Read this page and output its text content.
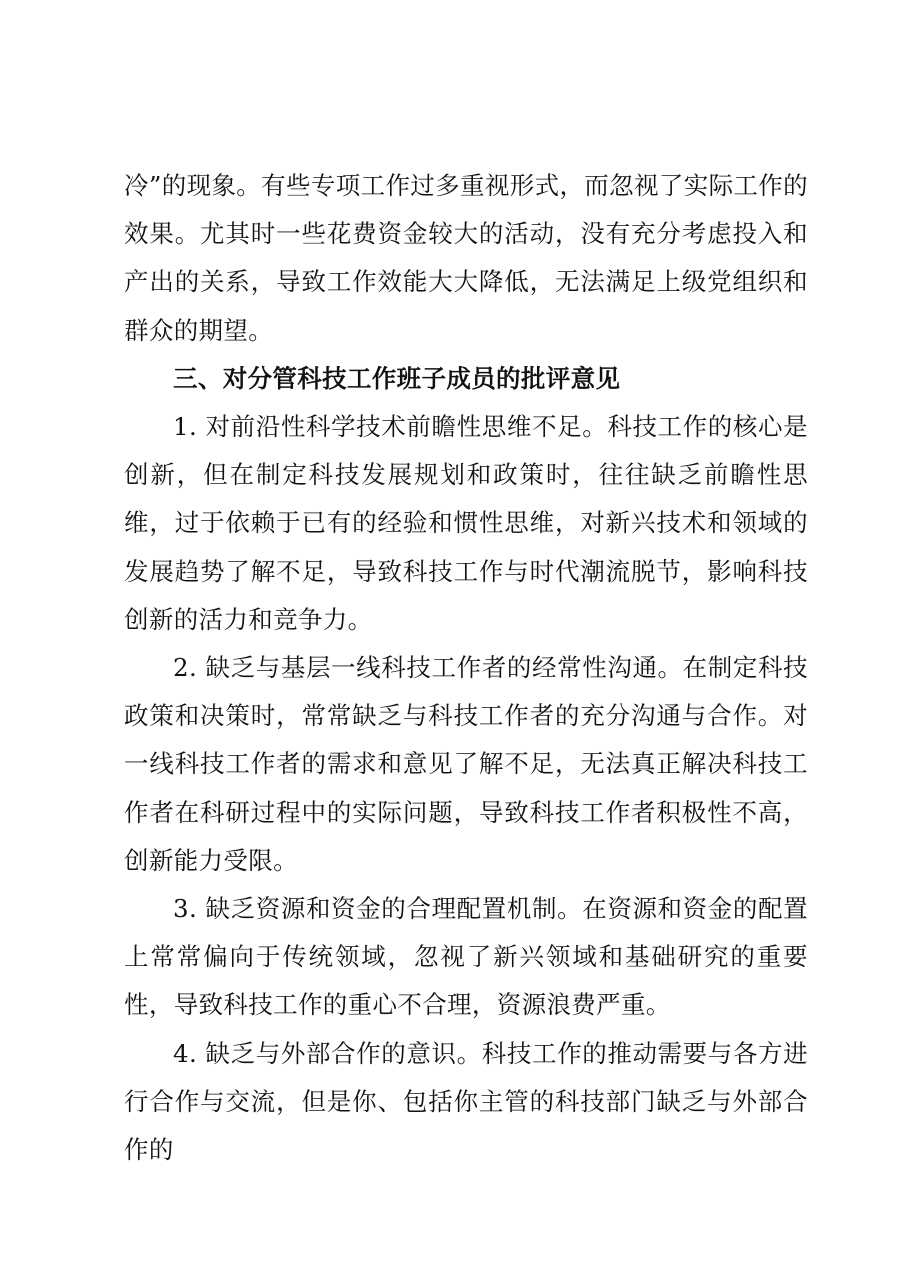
冷”的现象。有些专项工作过多重视形式，而忽视了实际工作的效果。尤其时一些花费资金较大的活动，没有充分考虑投入和产出的关系，导致工作效能大大降低，无法满足上级党组织和群众的期望。

三、对分管科技工作班子成员的批评意见

1. 对前沿性科学技术前瞻性思维不足。科技工作的核心是创新，但在制定科技发展规划和政策时，往往缺乏前瞻性思维，过于依赖于已有的经验和惯性思维，对新兴技术和领域的发展趋势了解不足，导致科技工作与时代潮流脱节，影响科技创新的活力和竞争力。

2. 缺乏与基层一线科技工作者的经常性沟通。在制定科技政策和决策时，常常缺乏与科技工作者的充分沟通与合作。对一线科技工作者的需求和意见了解不足，无法真正解决科技工作者在科研过程中的实际问题，导致科技工作者积极性不高，创新能力受限。

3. 缺乏资源和资金的合理配置机制。在资源和资金的配置上常常偏向于传统领域，忽视了新兴领域和基础研究的重要性，导致科技工作的重心不合理，资源浪费严重。

4. 缺乏与外部合作的意识。科技工作的推动需要与各方进行合作与交流，但是你、包括你主管的科技部门缺乏与外部合作的
